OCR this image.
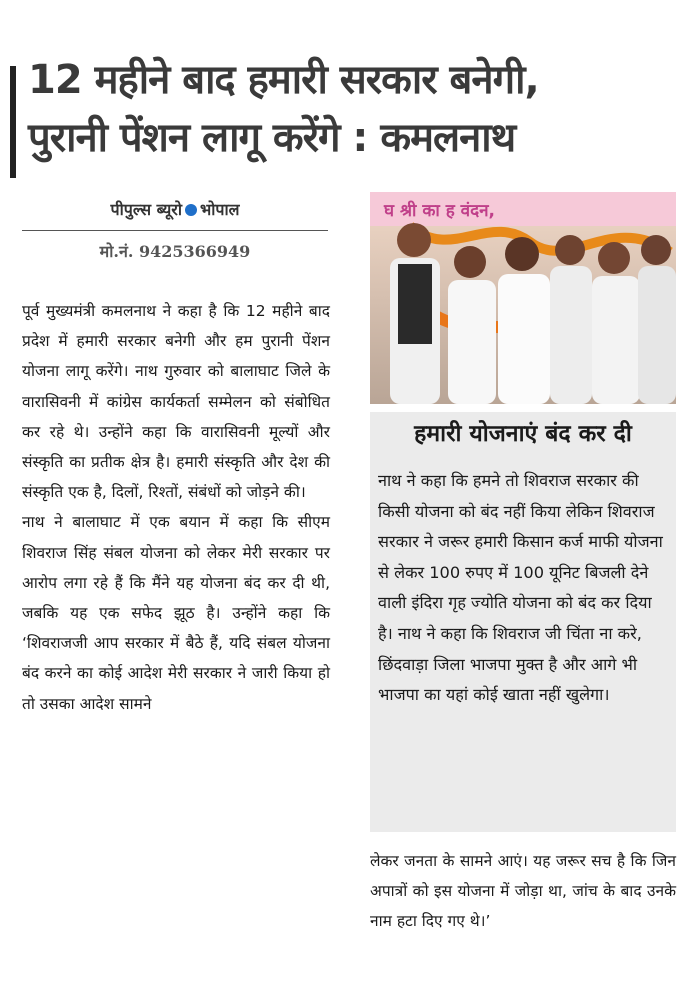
12 महीने बाद हमारी सरकार बनेगी,
पुरानी पेंशन लागू करेंगे : कमलनाथ
पीपुल्स ब्यूरो भोपाल
मो.नं. 9425366949

पूर्व मुख्यमंत्री कमलनाथ ने कहा है कि 12 महीने बाद प्रदेश में हमारी सरकार बनेगी और हम पुरानी पेंशन योजना लागू करेंगे। नाथ गुरुवार को बालाघाट जिले के वारासिवनी में कांग्रेस कार्यकर्ता सम्मेलन को संबोधित कर रहे थे। उन्होंने कहा कि वारासिवनी मूल्यों और संस्कृति का प्रतीक क्षेत्र है। हमारी संस्कृति और देश की संस्कृति एक है, दिलों, रिश्तों, संबंधों को जोड़ने की।

नाथ ने बालाघाट में एक बयान में कहा कि सीएम शिवराज सिंह संबल योजना को लेकर मेरी सरकार पर आरोप लगा रहे हैं कि मैंने यह योजना बंद कर दी थी, जबकि यह एक सफेद झूठ है। उन्होंने कहा कि ‘शिवराजजी आप सरकार में बैठे हैं, यदि संबल योजना बंद करने का कोई आदेश मेरी सरकार ने जारी किया हो तो उसका आदेश सामने

घ श्री का ह वंदन,
हमारी योजनाएं बंद कर दी
नाथ ने कहा कि हमने तो शिवराज सरकार की किसी योजना को बंद नहीं किया लेकिन शिवराज सरकार ने जरूर हमारी किसान कर्ज माफी योजना से लेकर 100 रुपए में 100 यूनिट बिजली देने वाली इंदिरा गृह ज्योति योजना को बंद कर दिया है। नाथ ने कहा कि शिवराज जी चिंता ना करे, छिंदवाड़ा जिला भाजपा मुक्त है और आगे भी भाजपा का यहां कोई खाता नहीं खुलेगा।
लेकर जनता के सामने आएं। यह जरूर सच है कि जिन अपात्रों को इस योजना में जोड़ा था, जांच के बाद उनके नाम हटा दिए गए थे।’
